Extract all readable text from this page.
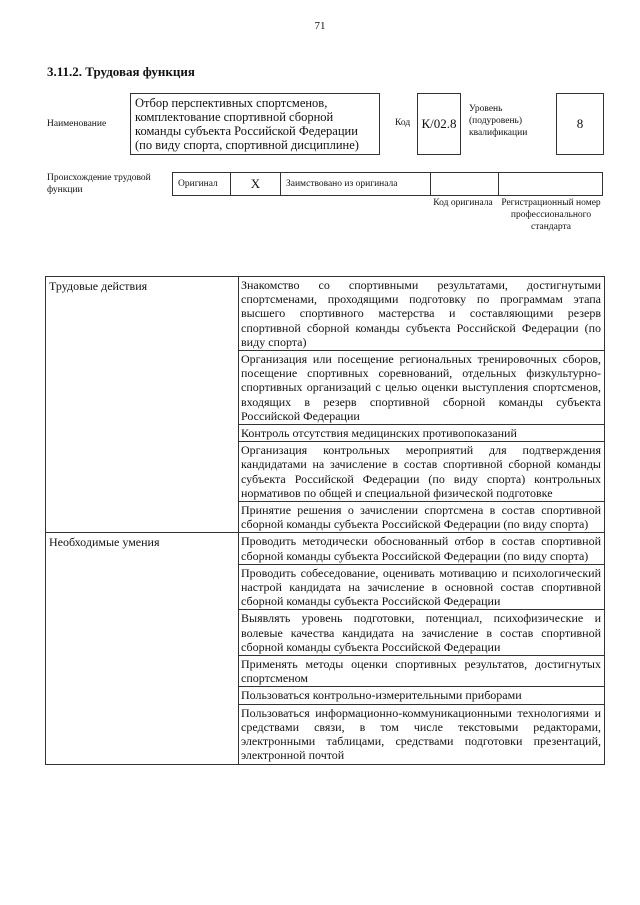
71
3.11.2. Трудовая функция
Наименование
Отбор перспективных спортсменов, комплектование спортивной сборной команды субъекта Российской Федерации (по виду спорта, спортивной дисциплине)
Код К/02.8
Уровень (подуровень) квалификации
8
Происхождение трудовой функции
Оригинал	X	Заимствовано из оригинала
Код оригинала Регистрационный номер профессионального стандарта
Трудовые действия	Знакомство со спортивными результатами, достигнутыми спортсменами, проходящими подготовку по программам этапа высшего спортивного мастерства и составляющими резерв спортивной сборной команды субъекта Российской Федерации (по виду спорта)
Организация или посещение региональных тренировочных сборов, посещение спортивных соревнований, отдельных физкультурно-спортивных организаций с целью оценки выступления спортсменов, входящих в резерв спортивной сборной команды субъекта Российской Федерации
Контроль отсутствия медицинских противопоказаний
Организация контрольных мероприятий для подтверждения кандидатами на зачисление в состав спортивной сборной команды субъекта Российской Федерации (по виду спорта) контрольных нормативов по общей и специальной физической подготовке
Принятие решения о зачислении спортсмена в состав спортивной сборной команды субъекта Российской Федерации (по виду спорта)
Необходимые умения	Проводить методически обоснованный отбор в состав спортивной сборной команды субъекта Российской Федерации (по виду спорта)
Проводить собеседование, оценивать мотивацию и психологический настрой кандидата на зачисление в основной состав спортивной сборной команды субъекта Российской Федерации
Выявлять уровень подготовки, потенциал, психофизические и волевые качества кандидата на зачисление в состав спортивной сборной команды субъекта Российской Федерации
Применять методы оценки спортивных результатов, достигнутых спортсменом
Пользоваться контрольно-измерительными приборами
Пользоваться информационно-коммуникационными технологиями и средствами связи, в том числе текстовыми редакторами, электронными таблицами, средствами подготовки презентаций, электронной почтой
